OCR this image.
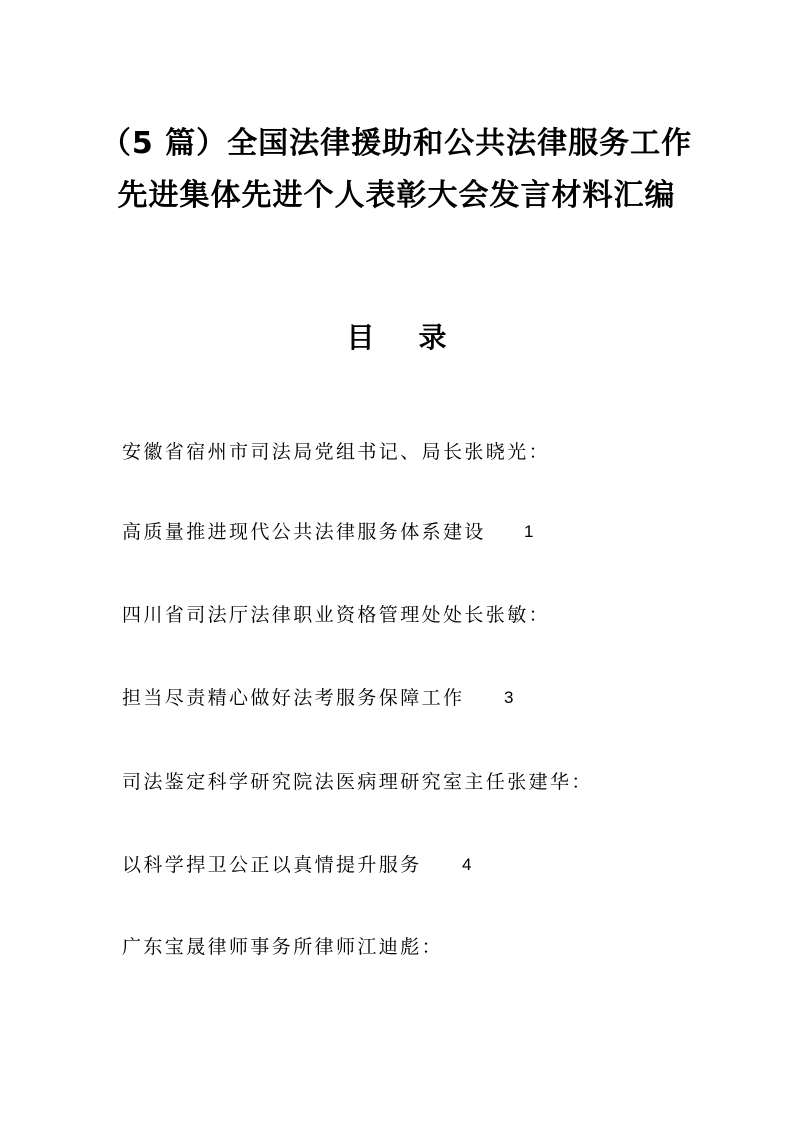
（5 篇）全国法律援助和公共法律服务工作
先进集体先进个人表彰大会发言材料汇编
目 录
安徽省宿州市司法局党组书记、局长张晓光：
高质量推进现代公共法律服务体系建设 1
四川省司法厅法律职业资格管理处处长张敏：
担当尽责精心做好法考服务保障工作 3
司法鉴定科学研究院法医病理研究室主任张建华：
以科学捍卫公正以真情提升服务 4
广东宝晟律师事务所律师江迪彪：
